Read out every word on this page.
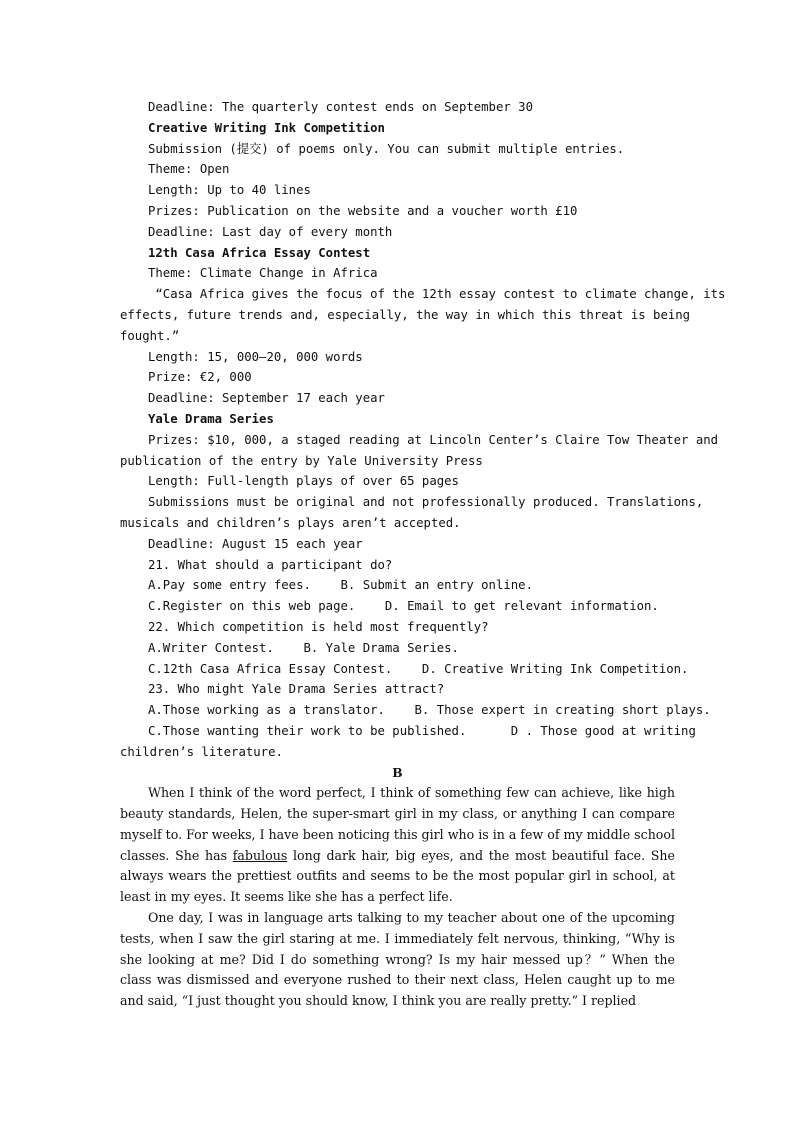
Deadline: The quarterly contest ends on September 30

Creative Writing Ink Competition

Submission (提交) of poems only. You can submit multiple entries.

Theme: Open

Length: Up to 40 lines

Prizes: Publication on the website and a voucher worth £10

Deadline: Last day of every month

12th Casa Africa Essay Contest

Theme: Climate Change in Africa

“Casa Africa gives the focus of the 12th essay contest to climate change, its

effects, future trends and, especially, the way in which this threat is being

fought.”

Length: 15, 000—20, 000 words

Prize: €2, 000

Deadline: September 17 each year

Yale Drama Series

Prizes: $10, 000, a staged reading at Lincoln Center’s Claire Tow Theater and

publication of the entry by Yale University Press

Length: Full-length plays of over 65 pages

Submissions must be original and not professionally produced. Translations,

musicals and children’s plays aren’t accepted.

Deadline: August 15 each year

21. What should a participant do?

A.Pay some entry fees.    B. Submit an entry online.

C.Register on this web page.    D. Email to get relevant information.

22. Which competition is held most frequently?

A.Writer Contest.    B. Yale Drama Series.

C.12th Casa Africa Essay Contest.    D. Creative Writing Ink Competition.

23. Who might Yale Drama Series attract?

A.Those working as a translator.    B. Those expert in creating short plays.

C.Those wanting their work to be published.      D . Those good at writing

children’s literature.

B

When I think of the word perfect, I think of something few can achieve, like high beauty standards, Helen, the super-smart girl in my class, or anything I can compare myself to. For weeks, I have been noticing this girl who is in a few of my middle school classes. She has fabulous long dark hair, big eyes, and the most beautiful face. She always wears the prettiest outfits and seems to be the most popular girl in school, at least in my eyes. It seems like she has a perfect life.

One day, I was in language arts talking to my teacher about one of the upcoming tests, when I saw the girl staring at me. I immediately felt nervous, thinking, “Why is she looking at me? Did I do something wrong? Is my hair messed up？” When the class was dismissed and everyone rushed to their next class, Helen caught up to me and said, “I just thought you should know, I think you are really pretty.” I replied
